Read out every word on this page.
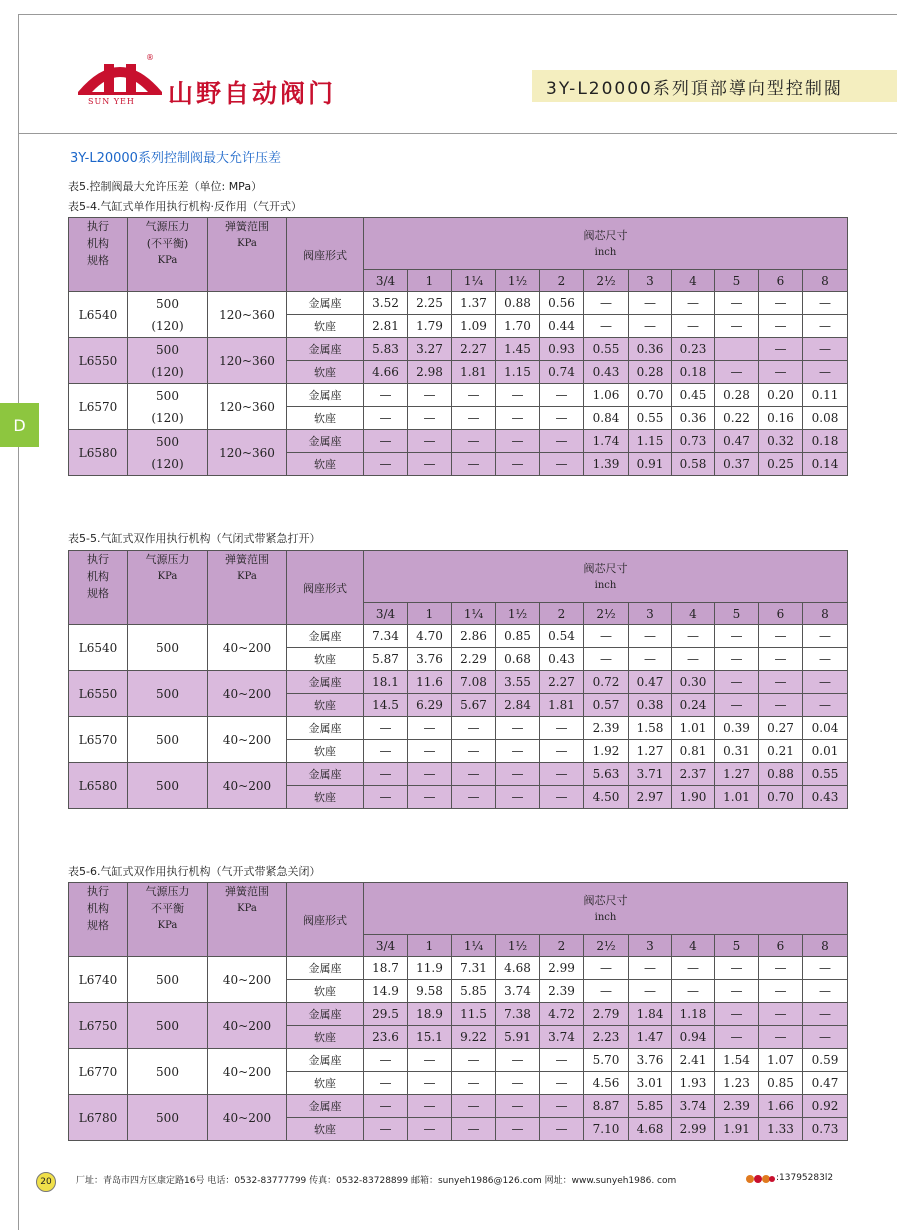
®
SUN YEH 山野自动阀门	3Y-L20000系列頂部導向型控制閥
D
3Y-L20000系列控制阀最大允许压差
表5.控制阀最大允许压差（单位: MPa）
表5-4.气缸式单作用执行机构·反作用（气开式）
表5-5.气缸式双作用执行机构（气闭式带紧急打开）
表5-6.气缸式双作用执行机构（气开式带紧急关闭）
执行
机构
规格	气源压力
(不平衡)
KPa	弹簧范围
KPa	阀座形式	阀芯尺寸
inch										

				3/4	1	1¼	1½	2	2½	3	4	5	6	8
L6540	500
(120)	120~360	金属座	3.52	2.25	1.37	0.88	0.56	—	—	—	—	—	—
			软座	2.81	1.79	1.09	1.70	0.44	—	—	—	—	—	—
L6550	500
(120)	120~360	金属座	5.83	3.27	2.27	1.45	0.93	0.55	0.36	0.23		—	—
			软座	4.66	2.98	1.81	1.15	0.74	0.43	0.28	0.18	—	—	—
L6570	500
(120)	120~360	金属座	—	—	—	—	—	1.06	0.70	0.45	0.28	0.20	0.11
			软座	—	—	—	—	—	0.84	0.55	0.36	0.22	0.16	0.08
L6580	500
(120)	120~360	金属座	—	—	—	—	—	1.74	1.15	0.73	0.47	0.32	0.18
			软座	—	—	—	—	—	1.39	0.91	0.58	0.37	0.25	0.14
执行
机构
规格	气源压力
KPa	弹簧范围
KPa	阀座形式	阀芯尺寸
inch										

				3/4	1	1¼	1½	2	2½	3	4	5	6	8
L6540	500	40~200	金属座	7.34	4.70	2.86	0.85	0.54	—	—	—	—	—	—
			软座	5.87	3.76	2.29	0.68	0.43	—	—	—	—	—	—
L6550	500	40~200	金属座	18.1	11.6	7.08	3.55	2.27	0.72	0.47	0.30	—	—	—
			软座	14.5	6.29	5.67	2.84	1.81	0.57	0.38	0.24	—	—	—
L6570	500	40~200	金属座	—	—	—	—	—	2.39	1.58	1.01	0.39	0.27	0.04
			软座	—	—	—	—	—	1.92	1.27	0.81	0.31	0.21	0.01
L6580	500	40~200	金属座	—	—	—	—	—	5.63	3.71	2.37	1.27	0.88	0.55
			软座	—	—	—	—	—	4.50	2.97	1.90	1.01	0.70	0.43
执行
机构
规格	气源压力
不平衡
KPa	弹簧范围
KPa	阀座形式	阀芯尺寸
inch										

				3/4	1	1¼	1½	2	2½	3	4	5	6	8
L6740	500	40~200	金属座	18.7	11.9	7.31	4.68	2.99	—	—	—	—	—	—
			软座	14.9	9.58	5.85	3.74	2.39	—	—	—	—	—	—
L6750	500	40~200	金属座	29.5	18.9	11.5	7.38	4.72	2.79	1.84	1.18	—	—	—
			软座	23.6	15.1	9.22	5.91	3.74	2.23	1.47	0.94	—	—	—
L6770	500	40~200	金属座	—	—	—	—	—	5.70	3.76	2.41	1.54	1.07	0.59
			软座	—	—	—	—	—	4.56	3.01	1.93	1.23	0.85	0.47
L6780	500	40~200	金属座	—	—	—	—	—	8.87	5.85	3.74	2.39	1.66	0.92
			软座	—	—	—	—	—	7.10	4.68	2.99	1.91	1.33	0.73
20	厂址：青岛市四方区康定路16号 电话：0532-83777799 传真：0532-83728899 邮箱：sunyeh1986@126.com 网址：www.sunyeh1986. com	:13795283l2
